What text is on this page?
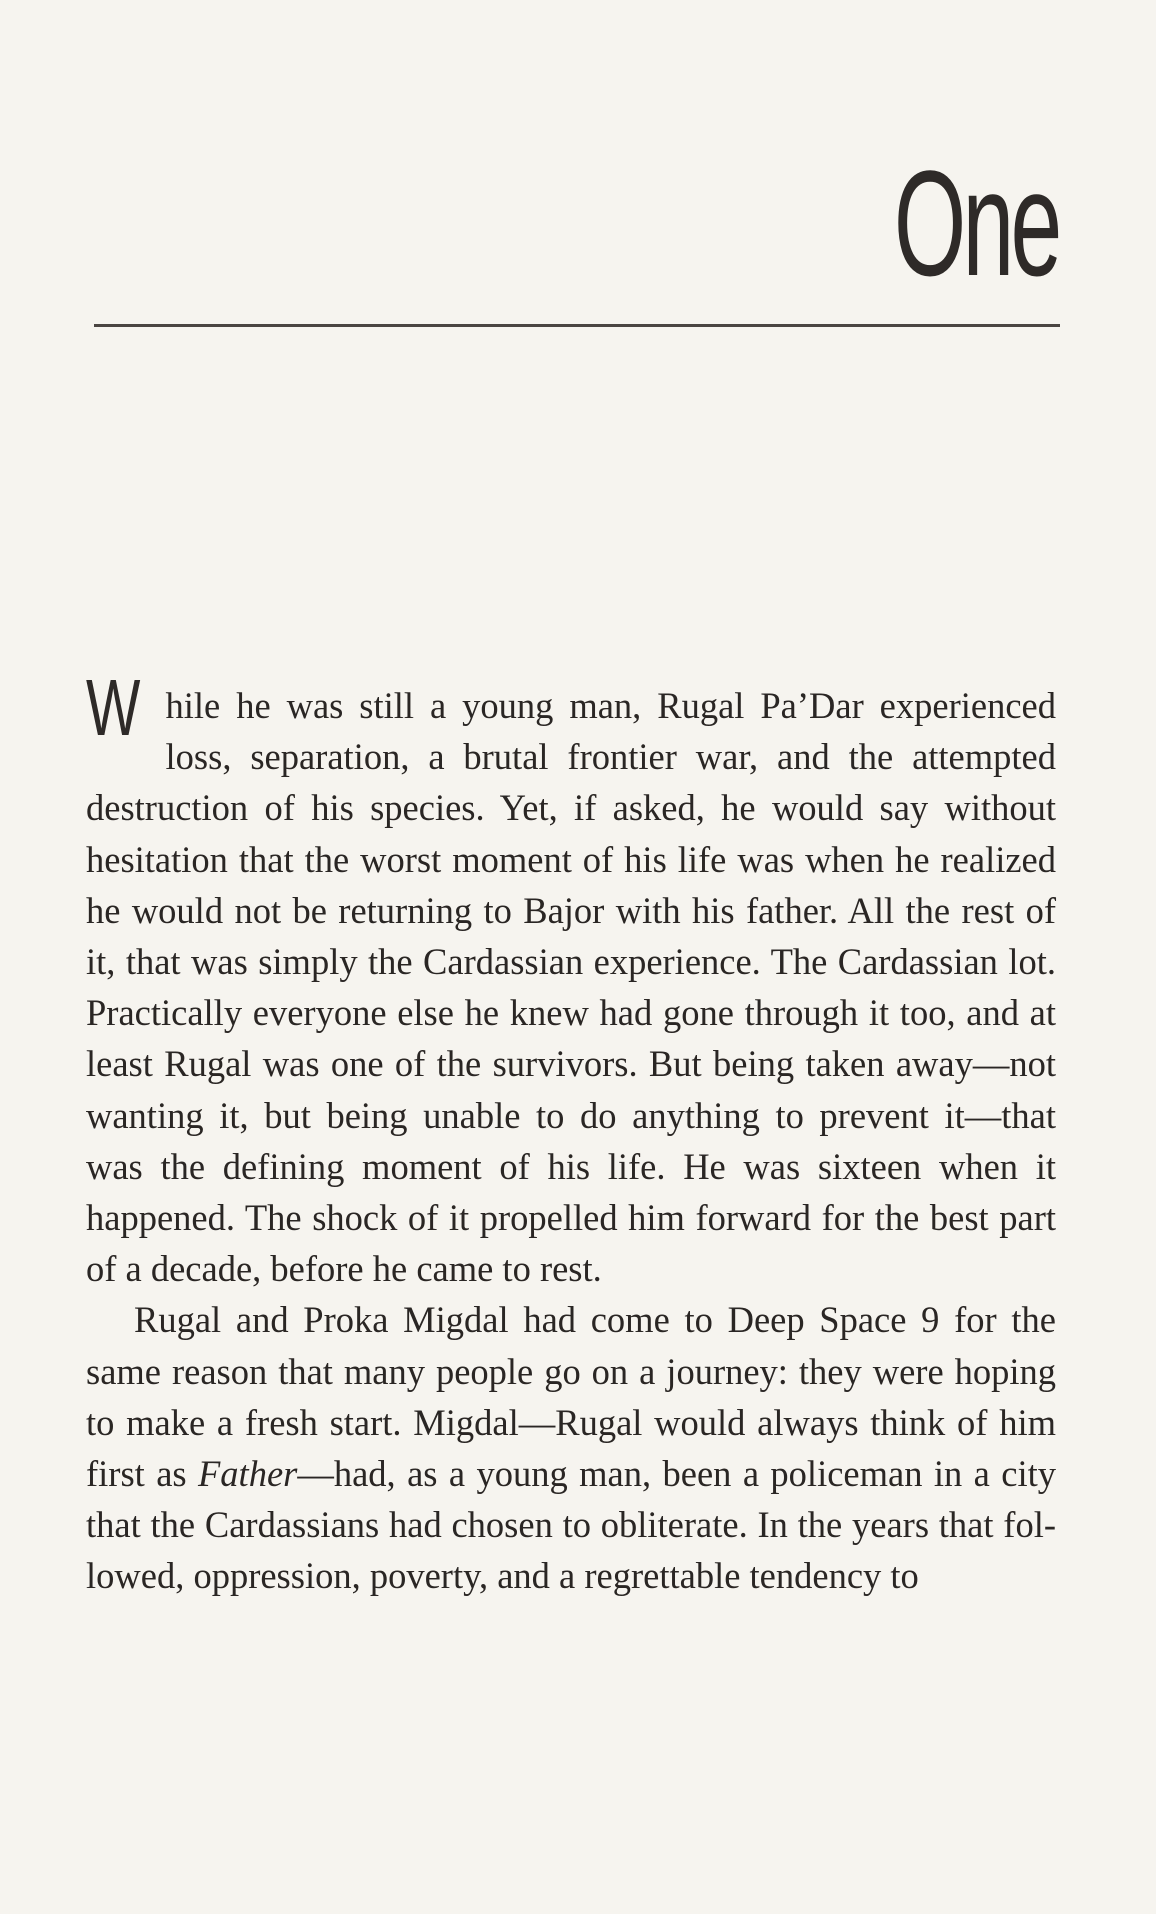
One

While he was still a young man, Rugal Pa’Dar experienced loss, separation, a brutal frontier war, and the attempted destruction of his species. Yet, if asked, he would say without hesitation that the worst moment of his life was when he realized he would not be returning to Bajor with his father. All the rest of it, that was simply the Cardassian experience. The Cardassian lot. Practically everyone else he knew had gone through it too, and at least Rugal was one of the survivors. But being taken away—not wanting it, but being unable to do anything to prevent it—that was the defining moment of his life. He was sixteen when it happened. The shock of it propelled him forward for the best part of a decade, before he came to rest.

Rugal and Proka Migdal had come to Deep Space 9 for the same reason that many people go on a journey: they were hoping to make a fresh start. Migdal—Rugal would always think of him first as Father—had, as a young man, been a policeman in a city that the Cardassians had chosen to obliterate. In the years that followed, oppression, poverty, and a regrettable tendency to
